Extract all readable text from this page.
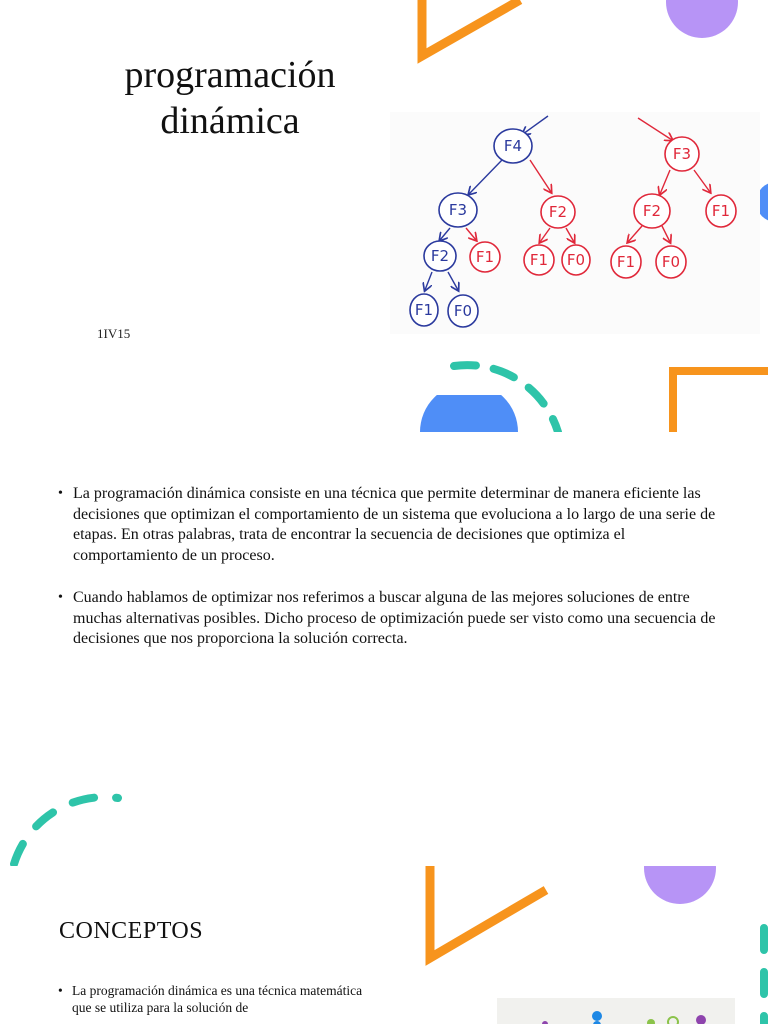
programación
dinámica
1IV15
F4
F3	F2
F2 F1 F1 F0
F1 F0
F3
F2	F1
F1 F0
• La programación dinámica consiste en una técnica que permite determinar de manera eficiente las decisiones que optimizan el comportamiento de un sistema que evoluciona a lo largo de una serie de etapas. En otras palabras, trata de encontrar la secuencia de decisiones que optimiza el comportamiento de un proceso.
• Cuando hablamos de optimizar nos referimos a buscar alguna de las mejores soluciones de entre muchas alternativas posibles. Dicho proceso de optimización puede ser visto como una secuencia de decisiones que nos proporciona la solución correcta.
CONCEPTOS
• La programación dinámica es una técnica matemática que se utiliza para la solución de
